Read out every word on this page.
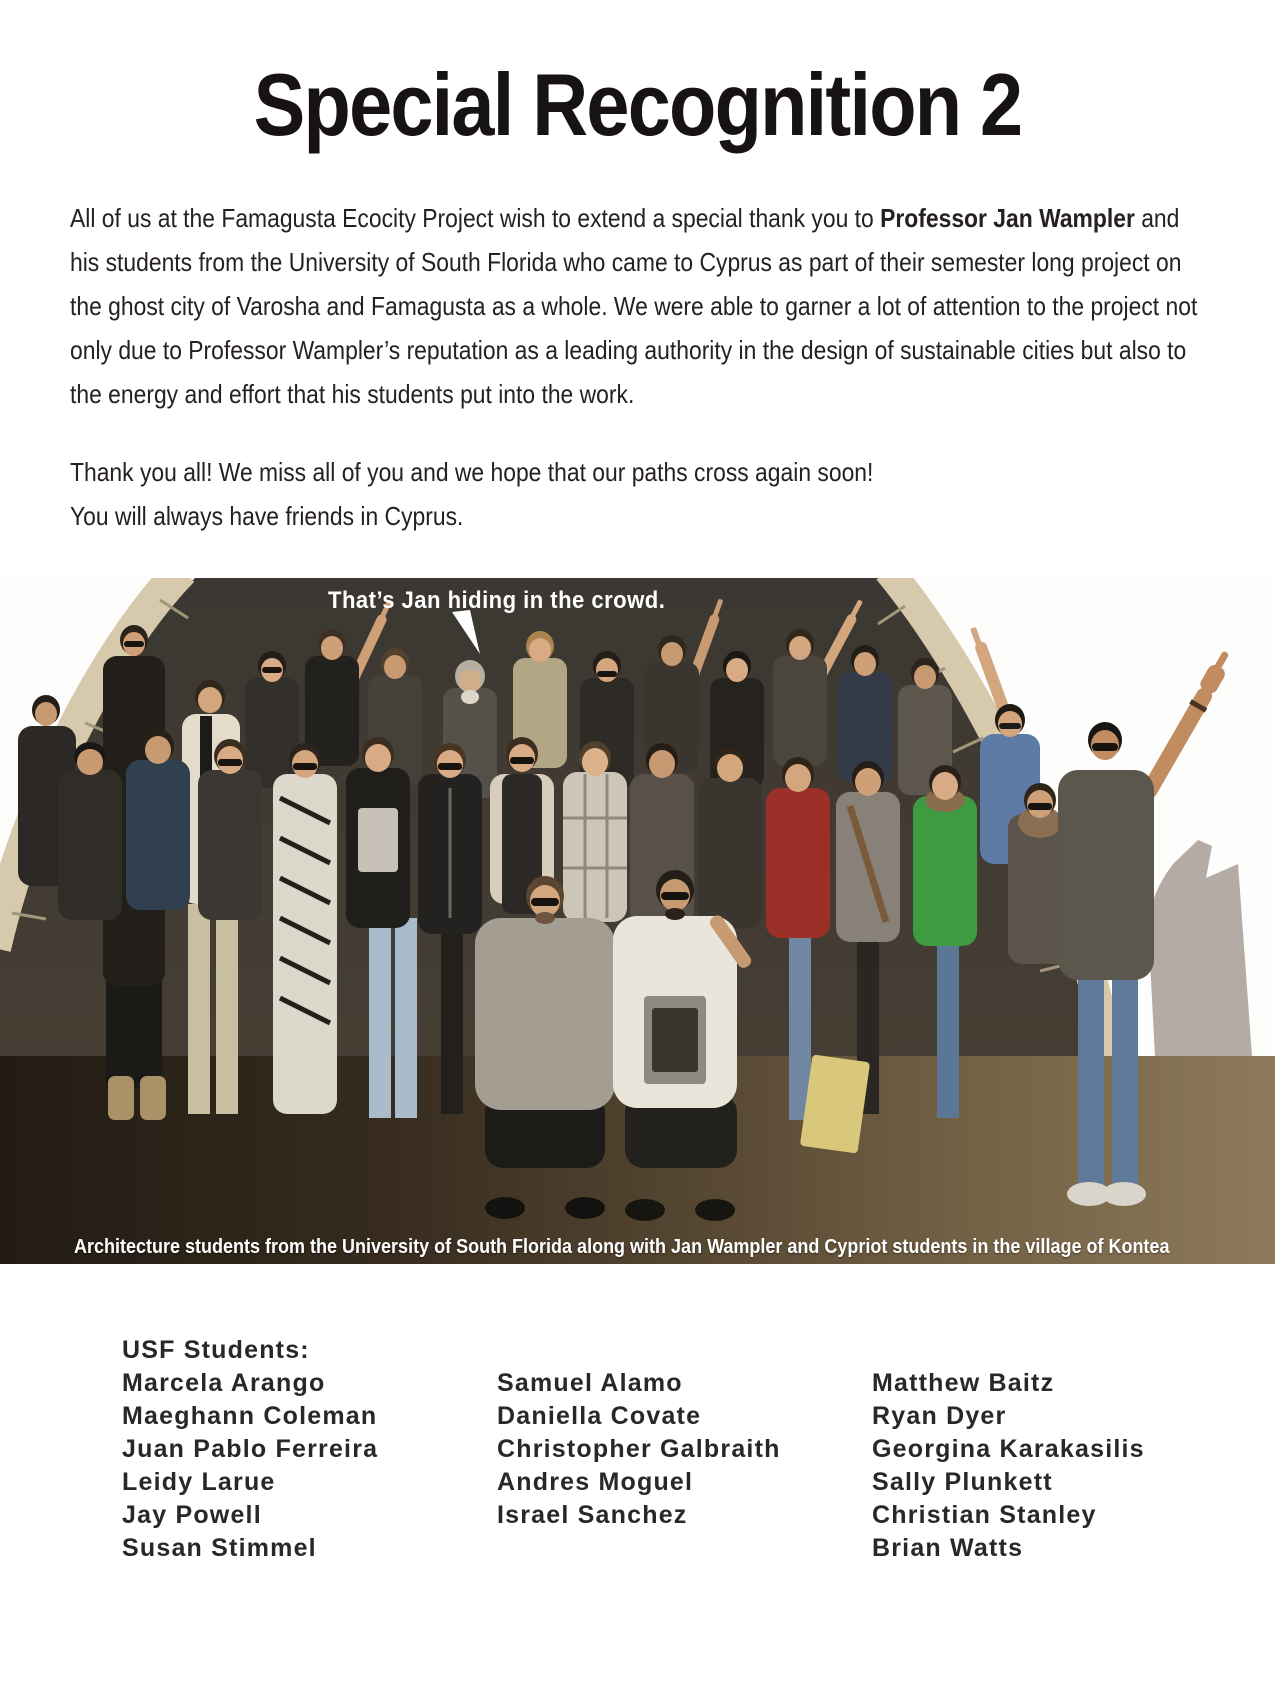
Special Recognition 2

All of us at the Famagusta Ecocity Project wish to extend a special thank you to Professor Jan Wampler and his students from the University of South Florida who came to Cyprus as part of their semester long project on the ghost city of Varosha and Famagusta as a whole. We were able to garner a lot of attention to the project not only due to Professor Wampler’s reputation as a leading authority in the design of sustainable cities but also to the energy and effort that his students put into the work.

Thank you all! We miss all of you and we hope that our paths cross again soon!
You will always have friends in Cyprus.

That’s Jan hiding in the crowd.
Architecture students from the University of South Florida along with Jan Wampler and Cypriot students in the village of Kontea
USF Students:
Marcela Arango
Maeghann Coleman
Juan Pablo Ferreira
Leidy Larue
Jay Powell
Susan Stimmel
Samuel Alamo
Daniella Covate
Christopher Galbraith
Andres Moguel
Israel Sanchez
Matthew Baitz
Ryan Dyer
Georgina Karakasilis
Sally Plunkett
Christian Stanley
Brian Watts
